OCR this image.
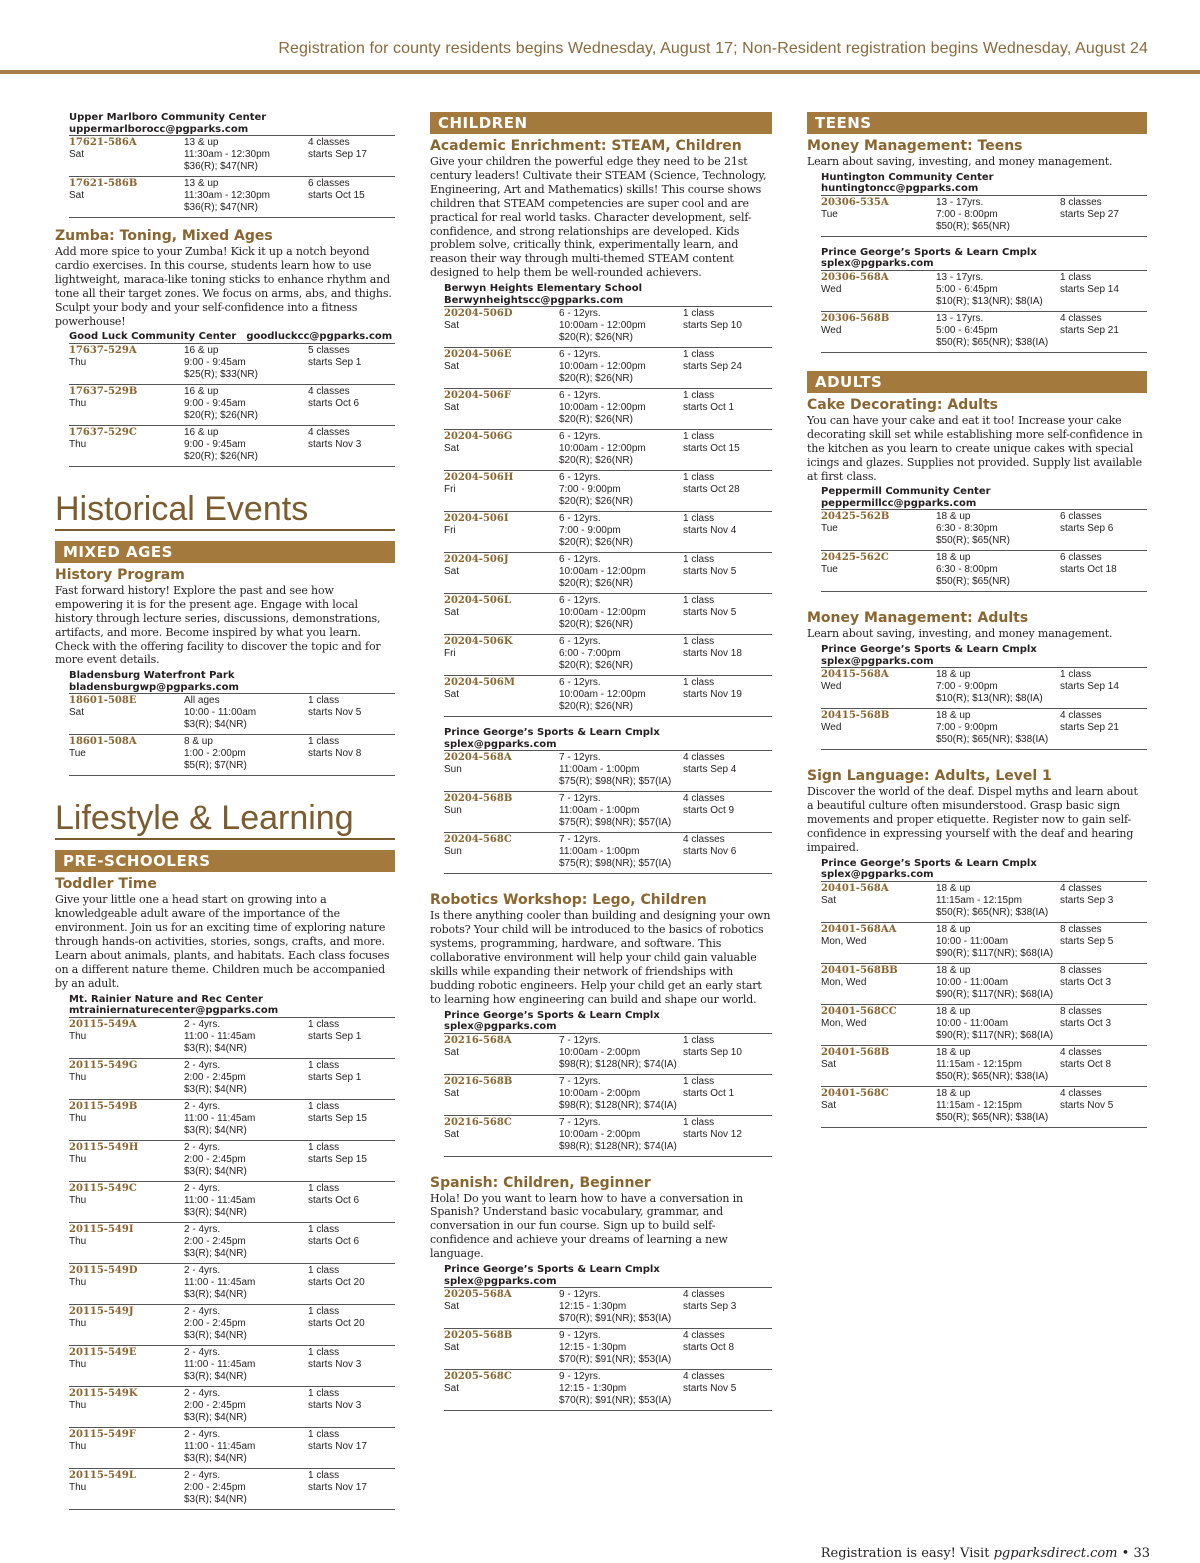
Registration for county residents begins Wednesday, August 17; Non-Resident registration begins Wednesday, August 24
Upper Marlboro Community Center
uppermarlborocc@pgparks.com
17621-586A	13 & up	4 classes
Sat	11:30am - 12:30pm	starts Sep 17
$36(R); $47(NR)
17621-586B	13 & up	6 classes
Sat	11:30am - 12:30pm	starts Oct 15
$36(R); $47(NR)
Zumba: Toning, Mixed Ages
Add more spice to your Zumba! Kick it up a notch beyond cardio exercises. In this course, students learn how to use lightweight, maraca-like toning sticks to enhance rhythm and tone all their target zones. We focus on arms, abs, and thighs. Sculpt your body and your self-confidence into a fitness powerhouse!
Good Luck Community Center goodluckcc@pgparks.com
17637-529A	16 & up	5 classes
Thu	9:00 - 9:45am	starts Sep 1
$25(R); $33(NR)
17637-529B	16 & up	4 classes
Thu	9:00 - 9:45am	starts Oct 6
$20(R); $26(NR)
17637-529C	16 & up	4 classes
Thu	9:00 - 9:45am	starts Nov 3
$20(R); $26(NR)
Historical Events
MIXED AGES
History Program
Fast forward history! Explore the past and see how empowering it is for the present age. Engage with local history through lecture series, discussions, demonstrations, artifacts, and more. Become inspired by what you learn. Check with the offering facility to discover the topic and for more event details.
Bladensburg Waterfront Park
bladensburgwp@pgparks.com
18601-508E	All ages	1 class
Sat	10:00 - 11:00am	starts Nov 5
$3(R); $4(NR)
18601-508A	8 & up	1 class
Tue	1:00 - 2:00pm	starts Nov 8
$5(R); $7(NR)
Lifestyle & Learning
PRE-SCHOOLERS
Toddler Time
Give your little one a head start on growing into a knowledgeable adult aware of the importance of the environment. Join us for an exciting time of exploring nature through hands-on activities, stories, songs, crafts, and more. Learn about animals, plants, and habitats. Each class focuses on a different nature theme. Children much be accompanied by an adult.
Mt. Rainier Nature and Rec Center
mtrainiernaturecenter@pgparks.com
20115-549A	2 - 4yrs.	1 class
Thu	11:00 - 11:45am	starts Sep 1
$3(R); $4(NR)
20115-549G	2 - 4yrs.	1 class
Thu	2:00 - 2:45pm	starts Sep 1
$3(R); $4(NR)
20115-549B	2 - 4yrs.	1 class
Thu	11:00 - 11:45am	starts Sep 15
$3(R); $4(NR)
20115-549H	2 - 4yrs.	1 class
Thu	2:00 - 2:45pm	starts Sep 15
$3(R); $4(NR)
20115-549C	2 - 4yrs.	1 class
Thu	11:00 - 11:45am	starts Oct 6
$3(R); $4(NR)
20115-549I	2 - 4yrs.	1 class
Thu	2:00 - 2:45pm	starts Oct 6
$3(R); $4(NR)
20115-549D	2 - 4yrs.	1 class
Thu	11:00 - 11:45am	starts Oct 20
$3(R); $4(NR)
20115-549J	2 - 4yrs.	1 class
Thu	2:00 - 2:45pm	starts Oct 20
$3(R); $4(NR)
20115-549E	2 - 4yrs.	1 class
Thu	11:00 - 11:45am	starts Nov 3
$3(R); $4(NR)
20115-549K	2 - 4yrs.	1 class
Thu	2:00 - 2:45pm	starts Nov 3
$3(R); $4(NR)
20115-549F	2 - 4yrs.	1 class
Thu	11:00 - 11:45am	starts Nov 17
$3(R); $4(NR)
20115-549L	2 - 4yrs.	1 class
Thu	2:00 - 2:45pm	starts Nov 17
$3(R); $4(NR)
CHILDREN
Academic Enrichment: STEAM, Children
Give your children the powerful edge they need to be 21st century leaders! Cultivate their STEAM (Science, Technology, Engineering, Art and Mathematics) skills! This course shows children that STEAM competencies are super cool and are practical for real world tasks. Character development, self-confidence, and strong relationships are developed. Kids problem solve, critically think, experimentally learn, and reason their way through multi-themed STEAM content designed to help them be well-rounded achievers.
Berwyn Heights Elementary School
Berwynheightscc@pgparks.com
20204-506D	6 - 12yrs.	1 class
Sat	10:00am - 12:00pm	starts Sep 10
$20(R); $26(NR)
20204-506E	6 - 12yrs.	1 class
Sat	10:00am - 12:00pm	starts Sep 24
$20(R); $26(NR)
20204-506F	6 - 12yrs.	1 class
Sat	10:00am - 12:00pm	starts Oct 1
$20(R); $26(NR)
20204-506G	6 - 12yrs.	1 class
Sat	10:00am - 12:00pm	starts Oct 15
$20(R); $26(NR)
20204-506H	6 - 12yrs.	1 class
Fri	7:00 - 9:00pm	starts Oct 28
$20(R); $26(NR)
20204-506I	6 - 12yrs.	1 class
Fri	7:00 - 9:00pm	starts Nov 4
$20(R); $26(NR)
20204-506J	6 - 12yrs.	1 class
Sat	10:00am - 12:00pm	starts Nov 5
$20(R); $26(NR)
20204-506L	6 - 12yrs.	1 class
Sat	10:00am - 12:00pm	starts Nov 5
$20(R); $26(NR)
20204-506K	6 - 12yrs.	1 class
Fri	6:00 - 7:00pm	starts Nov 18
$20(R); $26(NR)
20204-506M	6 - 12yrs.	1 class
Sat	10:00am - 12:00pm	starts Nov 19
$20(R); $26(NR)
Prince George’s Sports & Learn Cmplx
splex@pgparks.com
20204-568A	7 - 12yrs.	4 classes
Sun	11:00am - 1:00pm	starts Sep 4
$75(R); $98(NR); $57(IA)
20204-568B	7 - 12yrs.	4 classes
Sun	11:00am - 1:00pm	starts Oct 9
$75(R); $98(NR); $57(IA)
20204-568C	7 - 12yrs.	4 classes
Sun	11:00am - 1:00pm	starts Nov 6
$75(R); $98(NR); $57(IA)
Robotics Workshop: Lego, Children
Is there anything cooler than building and designing your own robots? Your child will be introduced to the basics of robotics systems, programming, hardware, and software. This collaborative environment will help your child gain valuable skills while expanding their network of friendships with budding robotic engineers. Help your child get an early start to learning how engineering can build and shape our world.
Prince George’s Sports & Learn Cmplx
splex@pgparks.com
20216-568A	7 - 12yrs.	1 class
Sat	10:00am - 2:00pm	starts Sep 10
$98(R); $128(NR); $74(IA)
20216-568B	7 - 12yrs.	1 class
Sat	10:00am - 2:00pm	starts Oct 1
$98(R); $128(NR); $74(IA)
20216-568C	7 - 12yrs.	1 class
Sat	10:00am - 2:00pm	starts Nov 12
$98(R); $128(NR); $74(IA)
Spanish: Children, Beginner
Hola! Do you want to learn how to have a conversation in Spanish? Understand basic vocabulary, grammar, and conversation in our fun course. Sign up to build self-confidence and achieve your dreams of learning a new language.
Prince George’s Sports & Learn Cmplx
splex@pgparks.com
20205-568A	9 - 12yrs.	4 classes
Sat	12:15 - 1:30pm	starts Sep 3
$70(R); $91(NR); $53(IA)
20205-568B	9 - 12yrs.	4 classes
Sat	12:15 - 1:30pm	starts Oct 8
$70(R); $91(NR); $53(IA)
20205-568C	9 - 12yrs.	4 classes
Sat	12:15 - 1:30pm	starts Nov 5
$70(R); $91(NR); $53(IA)
TEENS
Money Management: Teens
Learn about saving, investing, and money management.
Huntington Community Center
huntingtoncc@pgparks.com
20306-535A	13 - 17yrs.	8 classes
Tue	7:00 - 8:00pm	starts Sep 27
$50(R); $65(NR)
Prince George’s Sports & Learn Cmplx
splex@pgparks.com
20306-568A	13 - 17yrs.	1 class
Wed	5:00 - 6:45pm	starts Sep 14
$10(R); $13(NR); $8(IA)
20306-568B	13 - 17yrs.	4 classes
Wed	5:00 - 6:45pm	starts Sep 21
$50(R); $65(NR); $38(IA)
ADULTS
Cake Decorating: Adults
You can have your cake and eat it too! Increase your cake decorating skill set while establishing more self-confidence in the kitchen as you learn to create unique cakes with special icings and glazes. Supplies not provided. Supply list available at first class.
Peppermill Community Center
peppermillcc@pgparks.com
20425-562B	18 & up	6 classes
Tue	6:30 - 8:30pm	starts Sep 6
$50(R); $65(NR)
20425-562C	18 & up	6 classes
Tue	6:30 - 8:00pm	starts Oct 18
$50(R); $65(NR)
Money Management: Adults
Learn about saving, investing, and money management.
Prince George’s Sports & Learn Cmplx
splex@pgparks.com
20415-568A	18 & up	1 class
Wed	7:00 - 9:00pm	starts Sep 14
$10(R); $13(NR); $8(IA)
20415-568B	18 & up	4 classes
Wed	7:00 - 9:00pm	starts Sep 21
$50(R); $65(NR); $38(IA)
Sign Language: Adults, Level 1
Discover the world of the deaf. Dispel myths and learn about a beautiful culture often misunderstood. Grasp basic sign movements and proper etiquette. Register now to gain self-confidence in expressing yourself with the deaf and hearing impaired.
Prince George’s Sports & Learn Cmplx
splex@pgparks.com
20401-568A	18 & up	4 classes
Sat	11:15am - 12:15pm	starts Sep 3
$50(R); $65(NR); $38(IA)
20401-568AA	18 & up	8 classes
Mon, Wed	10:00 - 11:00am	starts Sep 5
$90(R); $117(NR); $68(IA)
20401-568BB	18 & up	8 classes
Mon, Wed	10:00 - 11:00am	starts Oct 3
$90(R); $117(NR); $68(IA)
20401-568CC	18 & up	8 classes
Mon, Wed	10:00 - 11:00am	starts Oct 3
$90(R); $117(NR); $68(IA)
20401-568B	18 & up	4 classes
Sat	11:15am - 12:15pm	starts Oct 8
$50(R); $65(NR); $38(IA)
20401-568C	18 & up	4 classes
Sat	11:15am - 12:15pm	starts Nov 5
$50(R); $65(NR); $38(IA)
Registration is easy! Visit pgparksdirect.com • 33
